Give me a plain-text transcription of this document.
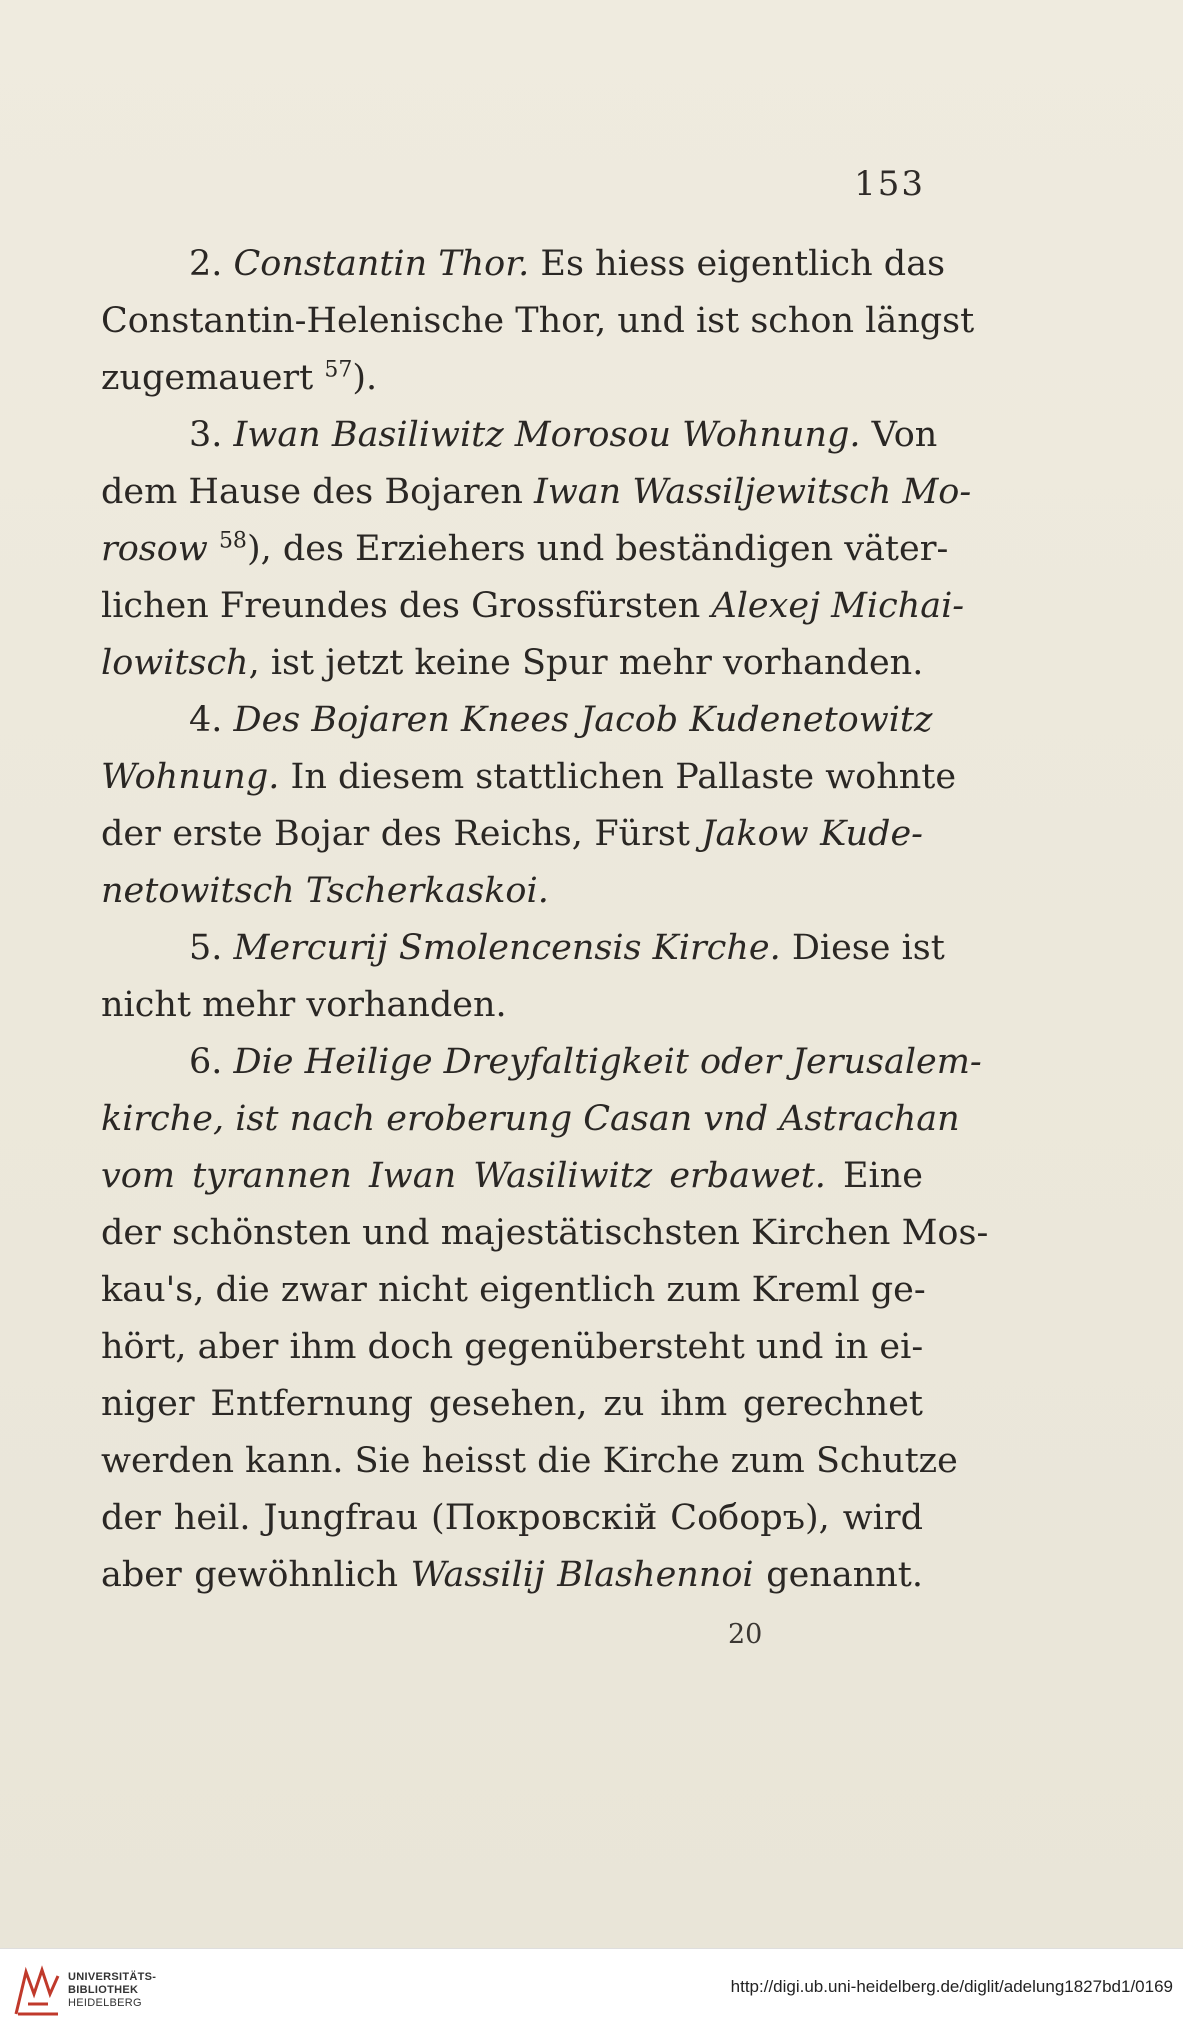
153
2. Constantin Thor. Es hiess eigentlich das
Constantin-Helenische Thor, und ist schon längst
zugemauert $^{57}$).
3. Iwan Basiliwitz Morosou Wohnung. Von
dem Hause des Bojaren Iwan Wassiljewitsch Mo-
rosow $^{58}$), des Erziehers und beständigen väter-
lichen Freundes des Grossfürsten Alexej Michai-
lowitsch, ist jetzt keine Spur mehr vorhanden.
4. Des Bojaren Knees Jacob Kudenetowitz
Wohnung. In diesem stattlichen Pallaste wohnte
der erste Bojar des Reichs, Fürst Jakow Kude-
netowitsch Tscherkaskoi.
5. Mercurij Smolencensis Kirche. Diese ist
nicht mehr vorhanden.
6. Die Heilige Dreyfaltigkeit oder Jerusalem-
kirche, ist nach eroberung Casan vnd Astrachan
vom tyrannen Iwan Wasiliwitz erbawet. Eine
der schönsten und majestätischsten Kirchen Mos-
kau's, die zwar nicht eigentlich zum Kreml ge-
hört, aber ihm doch gegenübersteht und in ei-
niger Entfernung gesehen, zu ihm gerechnet
werden kann. Sie heisst die Kirche zum Schutze
der heil. Jungfrau (Покровскій Соборъ), wird
aber gewöhnlich Wassilij Blashennoi genannt.
20
UNIVERSITÄTS-
BIBLIOTHEK
HEIDELBERG
http://digi.ub.uni-heidelberg.de/diglit/adelung1827bd1/0169
